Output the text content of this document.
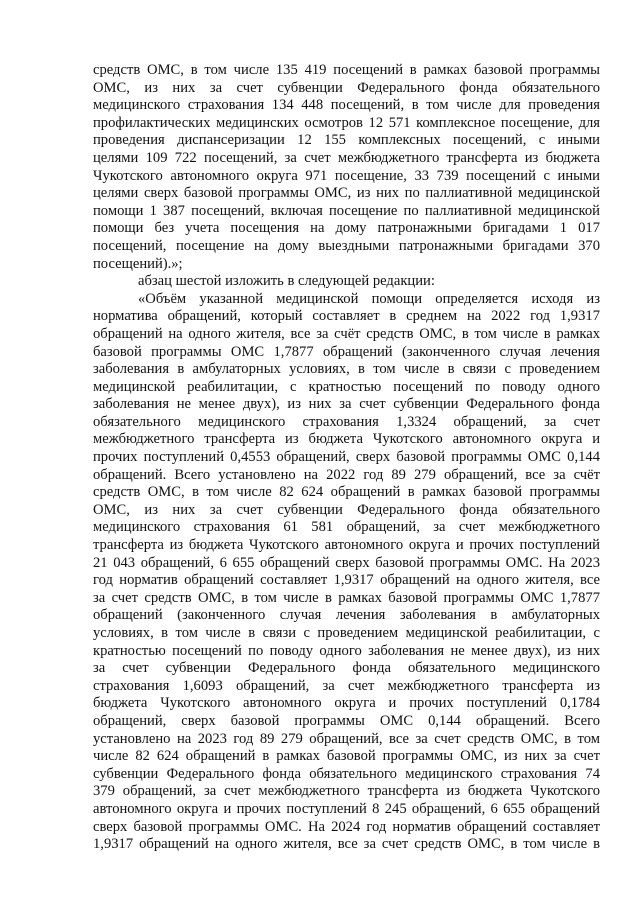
средств ОМС, в том числе 135 419 посещений в рамках базовой программы
ОМС, из них за счет субвенции Федерального фонда обязательного
медицинского страхования 134 448 посещений, в том числе для проведения
профилактических медицинских осмотров 12 571 комплексное посещение, для
проведения диспансеризации 12 155 комплексных посещений, с иными
целями 109 722 посещений, за счет межбюджетного трансферта из бюджета
Чукотского автономного округа 971 посещение, 33 739 посещений с иными
целями сверх базовой программы ОМС, из них по паллиативной медицинской
помощи 1 387 посещений, включая посещение по паллиативной медицинской
помощи без учета посещения на дому патронажными бригадами 1 017
посещений, посещение на дому выездными патронажными бригадами 370
посещений).»;
абзац шестой изложить в следующей редакции:
«Объём указанной медицинской помощи определяется исходя из
норматива обращений, который составляет в среднем на 2022 год 1,9317
обращений на одного жителя, все за счёт средств ОМС, в том числе в рамках
базовой программы ОМС 1,7877 обращений (законченного случая лечения
заболевания в амбулаторных условиях, в том числе в связи с проведением
медицинской реабилитации, с кратностью посещений по поводу одного
заболевания не менее двух), из них за счет субвенции Федерального фонда
обязательного медицинского страхования 1,3324 обращений, за счет
межбюджетного трансферта из бюджета Чукотского автономного округа и
прочих поступлений 0,4553 обращений, сверх базовой программы ОМС 0,144
обращений. Всего установлено на 2022 год 89 279 обращений, все за счёт
средств ОМС, в том числе 82 624 обращений в рамках базовой программы
ОМС, из них за счет субвенции Федерального фонда обязательного
медицинского страхования 61 581 обращений, за счет межбюджетного
трансферта из бюджета Чукотского автономного округа и прочих поступлений
21 043 обращений, 6 655 обращений сверх базовой программы ОМС. На 2023
год норматив обращений составляет 1,9317 обращений на одного жителя, все
за счет средств ОМС, в том числе в рамках базовой программы ОМС 1,7877
обращений (законченного случая лечения заболевания в амбулаторных
условиях, в том числе в связи с проведением медицинской реабилитации, с
кратностью посещений по поводу одного заболевания не менее двух), из них
за счет субвенции Федерального фонда обязательного медицинского
страхования 1,6093 обращений, за счет межбюджетного трансферта из
бюджета Чукотского автономного округа и прочих поступлений 0,1784
обращений, сверх базовой программы ОМС 0,144 обращений. Всего
установлено на 2023 год 89 279 обращений, все за счет средств ОМС, в том
числе 82 624 обращений в рамках базовой программы ОМС, из них за счет
субвенции Федерального фонда обязательного медицинского страхования 74
379 обращений, за счет межбюджетного трансферта из бюджета Чукотского
автономного округа и прочих поступлений 8 245 обращений, 6 655 обращений
сверх базовой программы ОМС. На 2024 год норматив обращений составляет
1,9317 обращений на одного жителя, все за счет средств ОМС, в том числе в
